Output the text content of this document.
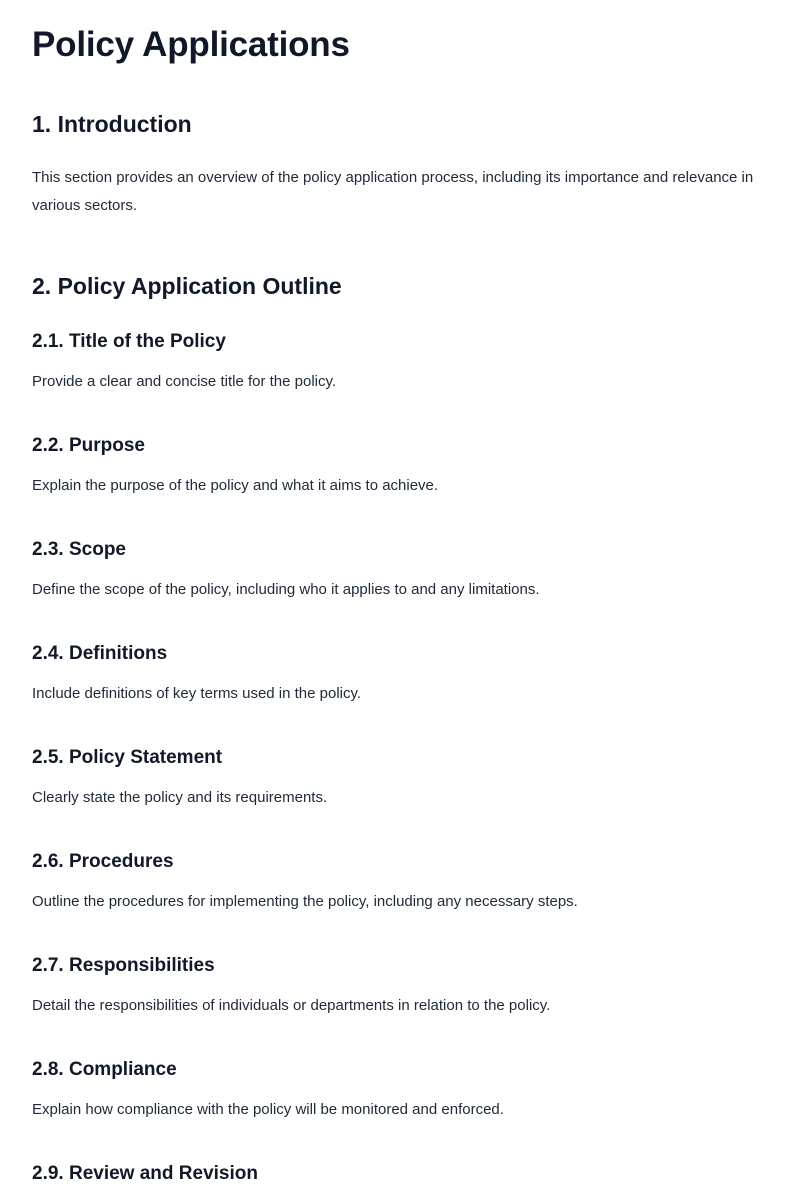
Policy Applications
1. Introduction

This section provides an overview of the policy application process, including its importance and relevance in various sectors.

2. Policy Application Outline
2.1. Title of the Policy

Provide a clear and concise title for the policy.

2.2. Purpose

Explain the purpose of the policy and what it aims to achieve.

2.3. Scope

Define the scope of the policy, including who it applies to and any limitations.

2.4. Definitions

Include definitions of key terms used in the policy.

2.5. Policy Statement

Clearly state the policy and its requirements.

2.6. Procedures

Outline the procedures for implementing the policy, including any necessary steps.

2.7. Responsibilities

Detail the responsibilities of individuals or departments in relation to the policy.

2.8. Compliance

Explain how compliance with the policy will be monitored and enforced.

2.9. Review and Revision
